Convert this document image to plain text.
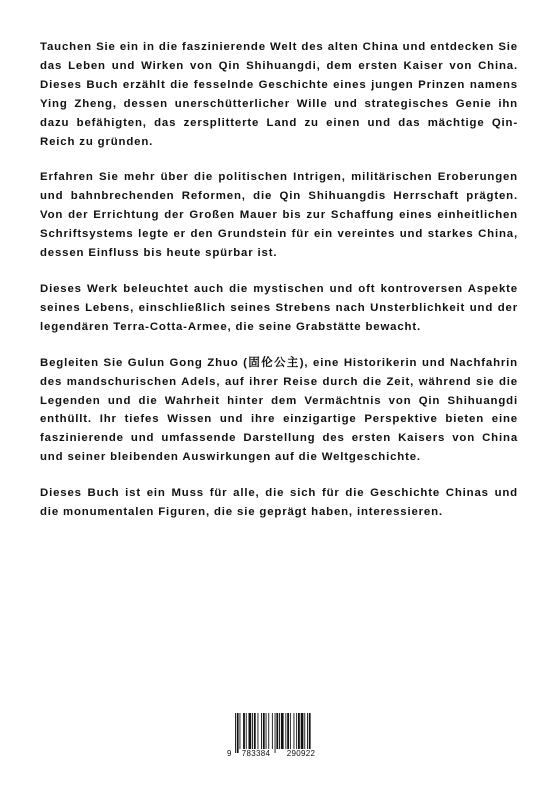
Tauchen Sie ein in die faszinierende Welt des alten China und entdecken Sie das Leben und Wirken von Qin Shihuangdi, dem ersten Kaiser von China. Dieses Buch erzählt die fesselnde Geschichte eines jungen Prinzen namens Ying Zheng, dessen unerschütterlicher Wille und strategisches Genie ihn dazu befähigten, das zersplitterte Land zu einen und das mächtige Qin-Reich zu gründen.

Erfahren Sie mehr über die politischen Intrigen, militärischen Eroberungen und bahnbrechenden Reformen, die Qin Shihuangdis Herrschaft prägten. Von der Errichtung der Großen Mauer bis zur Schaffung eines einheitlichen Schriftsystems legte er den Grundstein für ein vereintes und starkes China, dessen Einfluss bis heute spürbar ist.

Dieses Werk beleuchtet auch die mystischen und oft kontroversen Aspekte seines Lebens, einschließlich seines Strebens nach Unsterblichkeit und der legendären Terra-Cotta-Armee, die seine Grabstätte bewacht.

Begleiten Sie Gulun Gong Zhuo (固伦公主), eine Historikerin und Nachfahrin des mandschurischen Adels, auf ihrer Reise durch die Zeit, während sie die Legenden und die Wahrheit hinter dem Vermächtnis von Qin Shihuangdi enthüllt. Ihr tiefes Wissen und ihre einzigartige Perspektive bieten eine faszinierende und umfassende Darstellung des ersten Kaisers von China und seiner bleibenden Auswirkungen auf die Weltgeschichte.

Dieses Buch ist ein Muss für alle, die sich für die Geschichte Chinas und die monumentalen Figuren, die sie geprägt haben, interessieren.

9 783384 290922
